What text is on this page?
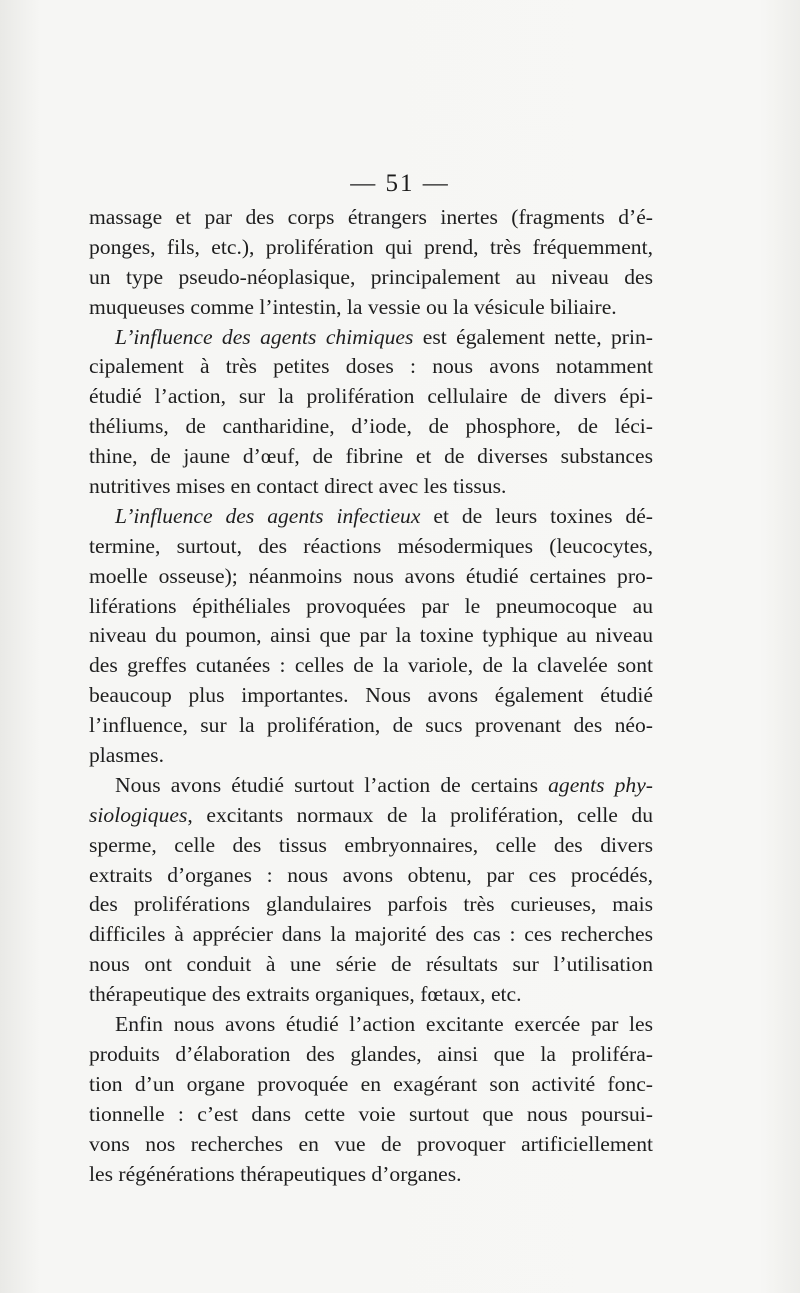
— 51 —
massage et par des corps étrangers inertes (fragments d’é-
ponges, fils, etc.), prolifération qui prend, très fréquemment,
un type pseudo-néoplasique, principalement au niveau des
muqueuses comme l’intestin, la vessie ou la vésicule biliaire.
L’influence des agents chimiques est également nette, prin-
cipalement à très petites doses : nous avons notamment
étudié l’action, sur la prolifération cellulaire de divers épi-
théliums, de cantharidine, d’iode, de phosphore, de léci-
thine, de jaune d’œuf, de fibrine et de diverses substances
nutritives mises en contact direct avec les tissus.
L’influence des agents infectieux et de leurs toxines dé-
termine, surtout, des réactions mésodermiques (leucocytes,
moelle osseuse); néanmoins nous avons étudié certaines pro-
liférations épithéliales provoquées par le pneumocoque au
niveau du poumon, ainsi que par la toxine typhique au niveau
des greffes cutanées : celles de la variole, de la clavelée sont
beaucoup plus importantes. Nous avons également étudié
l’influence, sur la prolifération, de sucs provenant des néo-
plasmes.
Nous avons étudié surtout l’action de certains agents phy-
siologiques, excitants normaux de la prolifération, celle du
sperme, celle des tissus embryonnaires, celle des divers
extraits d’organes : nous avons obtenu, par ces procédés,
des proliférations glandulaires parfois très curieuses, mais
difficiles à apprécier dans la majorité des cas : ces recherches
nous ont conduit à une série de résultats sur l’utilisation
thérapeutique des extraits organiques, fœtaux, etc.
Enfin nous avons étudié l’action excitante exercée par les
produits d’élaboration des glandes, ainsi que la proliféra-
tion d’un organe provoquée en exagérant son activité fonc-
tionnelle : c’est dans cette voie surtout que nous poursui-
vons nos recherches en vue de provoquer artificiellement
les régénérations thérapeutiques d’organes.
